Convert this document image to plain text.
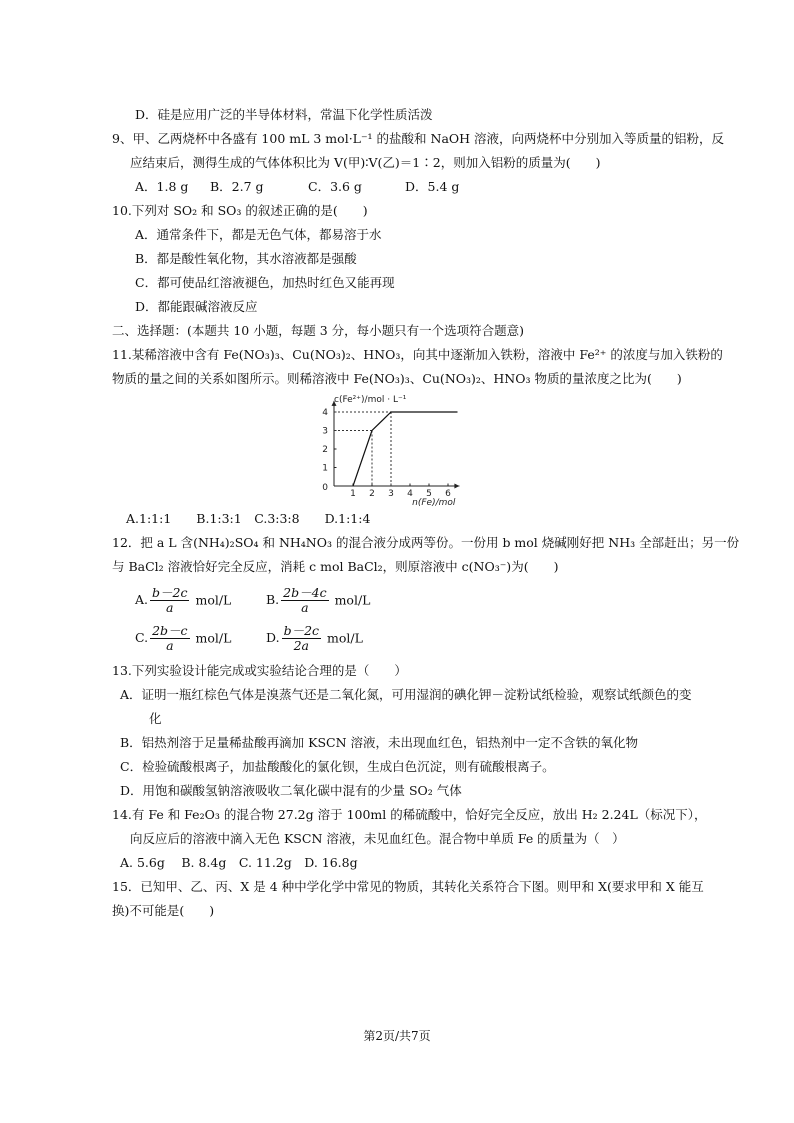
D．硅是应用广泛的半导体材料，常温下化学性质活泼
9、甲、乙两烧杯中各盛有 100 mL 3 mol·L⁻¹ 的盐酸和 NaOH 溶液，向两烧杯中分别加入等质量的铝粉，反
应结束后，测得生成的气体体积比为 V(甲)∶V(乙)＝1∶2，则加入铝粉的质量为(　　)
A．1.8 g B．2.7 g	C．3.6 g	D．5.4 g
10.下列对 SO₂ 和 SO₃ 的叙述正确的是(　　)
A．通常条件下，都是无色气体，都易溶于水
B．都是酸性氧化物，其水溶液都是强酸
C．都可使品红溶液褪色，加热时红色又能再现
D．都能跟碱溶液反应
二、选择题：(本题共 10 小题，每题 3 分，每小题只有一个选项符合题意)
11.某稀溶液中含有 Fe(NO₃)₃、Cu(NO₃)₂、HNO₃，向其中逐渐加入铁粉，溶液中 Fe²⁺ 的浓度与加入铁粉的
物质的量之间的关系如图所示。则稀溶液中 Fe(NO₃)₃、Cu(NO₃)₂、HNO₃ 物质的量浓度之比为(　　)
1 2 3 4 5 6
1
2
3
4
0
c(Fe²⁺)/mol · L⁻¹
n(Fe)/mol
A.1:1:1　　B.1:3:1　C.3:3:8　　D.1:1:4
12．把 a L 含(NH₄)₂SO₄ 和 NH₄NO₃ 的混合液分成两等份。一份用 b mol 烧碱刚好把 NH₃ 全部赶出；另一份
与 BaCl₂ 溶液恰好完全反应，消耗 c mol BaCl₂，则原溶液中 c(NO₃⁻)为(　　)
A. $\frac{b-2c}{a} mol/L$	B. $\frac{2b-4c}{a} mol/L$
C. $\frac{2b-c}{a} mol/L$	D. $\frac{b-2c}{2a} mol/L$
13.下列实验设计能完成或实验结论合理的是（　　）
A．证明一瓶红棕色气体是溴蒸气还是二氧化氮，可用湿润的碘化钾－淀粉试纸检验，观察试纸颜色的变
化
B．铝热剂溶于足量稀盐酸再滴加 KSCN 溶液，未出现血红色，铝热剂中一定不含铁的氧化物
C．检验硫酸根离子，加盐酸酸化的氯化钡，生成白色沉淀，则有硫酸根离子。
D．用饱和碳酸氢钠溶液吸收二氧化碳中混有的少量 SO₂ 气体
14.有 Fe 和 Fe₂O₃ 的混合物 27.2g 溶于 100ml 的稀硫酸中，恰好完全反应，放出 H₂ 2.24L（标况下），
向反应后的溶液中滴入无色 KSCN 溶液，未见血红色。混合物中单质 Fe 的质量为（　）
A. 5.6g　 B. 8.4g　C. 11.2g　D. 16.8g
15．已知甲、乙、丙、X 是 4 种中学化学中常见的物质，其转化关系符合下图。则甲和 X(要求甲和 X 能互
换)不可能是(　　)
第2页/共7页
